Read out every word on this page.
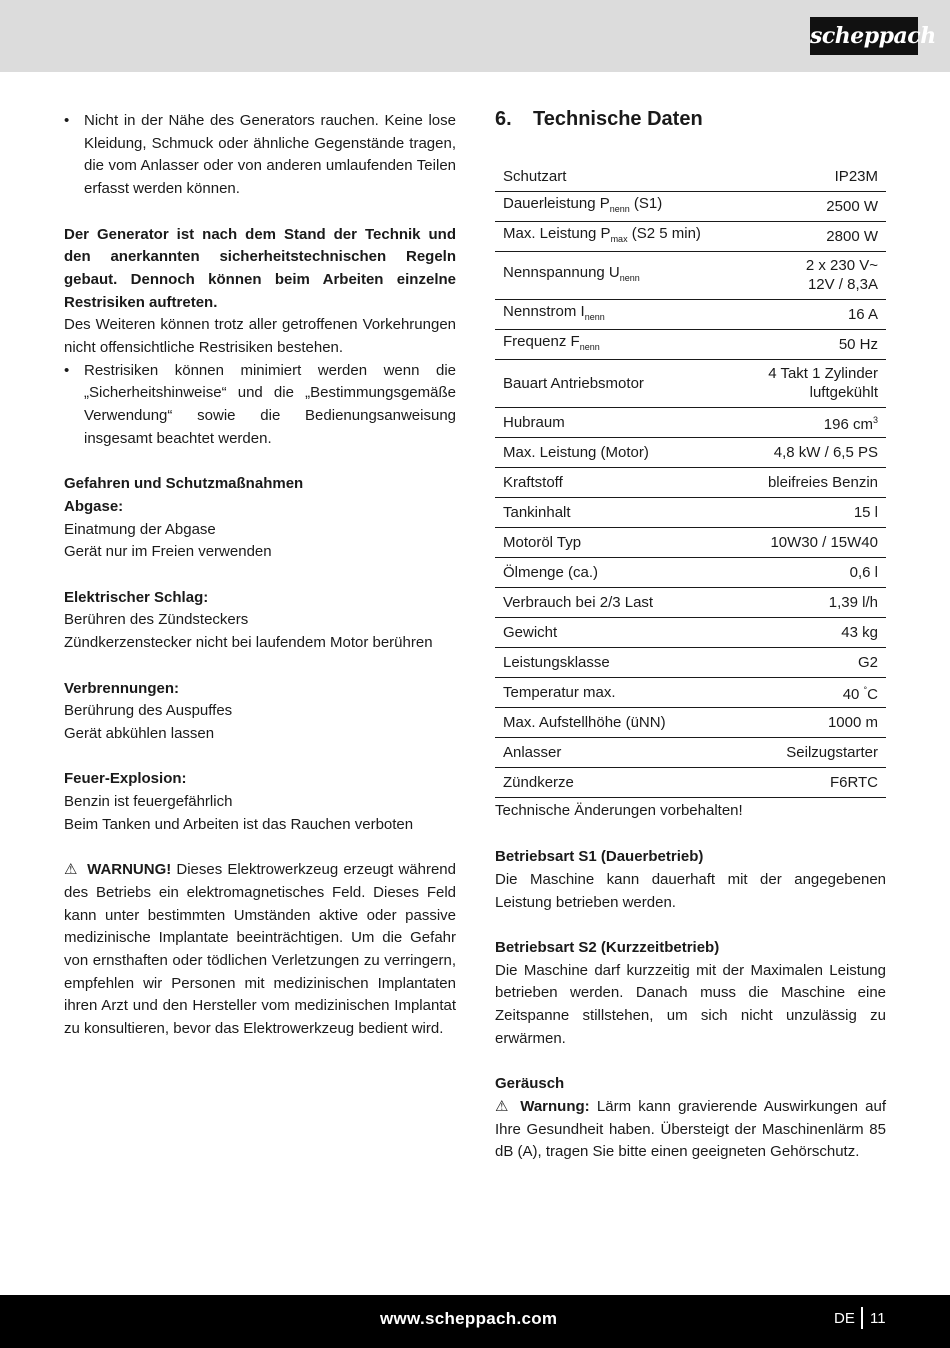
scheppach
• Nicht in der Nähe des Generators rauchen. Keine lose Kleidung, Schmuck oder ähnliche Gegenstände tragen, die vom Anlasser oder von anderen umlaufenden Teilen erfasst werden können.

Der Generator ist nach dem Stand der Technik und den anerkannten sicherheitstechnischen Regeln gebaut. Dennoch können beim Arbeiten einzelne Restrisiken auftreten.

Des Weiteren können trotz aller getroffenen Vorkehrungen nicht offensichtliche Restrisiken bestehen.

• Restrisiken können minimiert werden wenn die „Sicherheitshinweise“ und die „Bestimmungsgemäße Verwendung“ sowie die Bedienungsanweisung insgesamt beachtet werden.

Gefahren und Schutzmaßnahmen

Abgase:

Einatmung der Abgase

Gerät nur im Freien verwenden

Elektrischer Schlag:

Berühren des Zündsteckers

Zündkerzenstecker nicht bei laufendem Motor berühren

Verbrennungen:

Berührung des Auspuffes

Gerät abkühlen lassen

Feuer-Explosion:

Benzin ist feuergefährlich

Beim Tanken und Arbeiten ist das Rauchen verboten

⚠ WARNUNG! Dieses Elektrowerkzeug erzeugt während des Betriebs ein elektromagnetisches Feld. Dieses Feld kann unter bestimmten Umständen aktive oder passive medizinische Implantate beeinträchtigen. Um die Gefahr von ernsthaften oder tödlichen Verletzungen zu verringern, empfehlen wir Personen mit medizinischen Implantaten ihren Arzt und den Hersteller vom medizinischen Implantat zu konsultieren, bevor das Elektrowerkzeug bedient wird.

6. Technische Daten
Schutzart	IP23M
Dauerleistung $P_{nenn}$ (S1)	2500 W
Max. Leistung $P_{max}$ (S2 5 min)	2800 W
Nennspannung $U_{nenn}$	2 x 230 V~
12V / 8,3A
Nennstrom $I_{nenn}$	16 A
Frequenz $F_{nenn}$	50 Hz
Bauart Antriebsmotor	4 Takt 1 Zylinder
luftgekühlt
Hubraum	196 $cm^3$
Max. Leistung (Motor)	4,8 kW / 6,5 PS
Kraftstoff	bleifreies Benzin
Tankinhalt	15 l
Motoröl Typ	10W30 / 15W40
Ölmenge (ca.)	0,6 l
Verbrauch bei 2/3 Last	1,39 l/h
Gewicht	43 kg
Leistungsklasse	G2
Temperatur max.	40 °C
Max. Aufstellhöhe (üNN)	1000 m
Anlasser	Seilzugstarter
Zündkerze	F6RTC

Technische Änderungen vorbehalten!

Betriebsart S1 (Dauerbetrieb)

Die Maschine kann dauerhaft mit der angegebenen Leistung betrieben werden.

Betriebsart S2 (Kurzzeitbetrieb)

Die Maschine darf kurzzeitig mit der Maximalen Leistung betrieben werden. Danach muss die Maschine eine Zeitspanne stillstehen, um sich nicht unzulässig zu erwärmen.

Geräusch

⚠ Warnung: Lärm kann gravierende Auswirkungen auf Ihre Gesundheit haben. Übersteigt der Maschinenlärm 85 dB (A), tragen Sie bitte einen geeigneten Gehörschutz.

www.scheppach.com	DE 11
